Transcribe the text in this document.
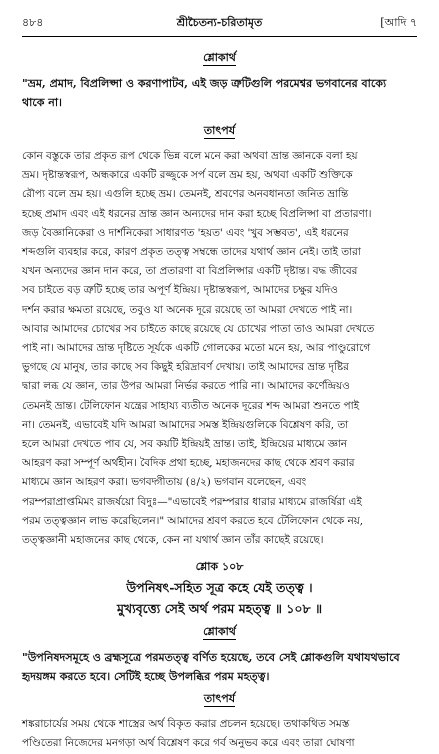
৪৮৪	শ্রীচৈতন্য-চরিতামৃত	[আদি ৭
শ্লোকার্থ
"ভ্রম, প্রমাদ, বিপ্রলিপ্সা ও করণাপাটব, এই জড় ত্রুটিগুলি পরমেশ্বর ভগবানের বাক্যে
থাকে না।
তাৎপর্য

কোন বস্তুকে তার প্রকৃত রূপ থেকে ভিন্ন বলে মনে করা অথবা ভ্রান্ত জ্ঞানকে বলা হয়

ভ্রম। দৃষ্টান্তস্বরূপ, অন্ধকারে একটি রজ্জুকে সর্প বলে ভ্রম হয়, অথবা একটি শুক্তিকে

রৌপ্য বলে ভ্রম হয়। এগুলি হচ্ছে ভ্রম। তেমনই, শ্রবণের অনবধানতা জনিত ভ্রান্তি

হচ্ছে প্রমাদ এবং এই ধরনের ভ্রান্ত জ্ঞান অন্যদের দান করা হচ্ছে বিপ্রলিপ্সা বা প্রতারণা।

জড় বৈজ্ঞানিকেরা ও দার্শনিকেরা সাধারণত 'হয়ত' এবং 'খুব সম্ভবত', এই ধরনের

শব্দগুলি ব্যবহার করে, কারণ প্রকৃত তত্ত্ব সম্বন্ধে তাদের যথার্থ জ্ঞান নেই। তাই তারা

যখন অন্যদের জ্ঞান দান করে, তা প্রতারণা বা বিপ্রলিপ্সার একটি দৃষ্টান্ত। বদ্ধ জীবের

সব চাইতে বড় ত্রুটি হচ্ছে তার অপূর্ণ ইন্দ্রিয়। দৃষ্টান্তস্বরূপ, আমাদের চক্ষুর যদিও

দর্শন করার ক্ষমতা রয়েছে, তবুও যা অনেক দূরে রয়েছে তা আমরা দেখতে পাই না।

আবার আমাদের চোখের সব চাইতে কাছে রয়েছে যে চোখের পাতা তাও আমরা দেখতে

পাই না। আমাদের ভ্রান্ত দৃষ্টিতে সূর্যকে একটি গোলকের মতো মনে হয়, আর পাণ্ডুরোগে

ভুগছে যে মানুষ, তার কাছে সব কিছুই হরিদ্রাবর্ণ দেখায়। তাই আমাদের ভ্রান্ত দৃষ্টির

দ্বারা লব্ধ যে জ্ঞান, তার উপর আমরা নির্ভর করতে পারি না। আমাদের কর্ণেন্দ্রিয়ও

তেমনই ভ্রান্ত। টেলিফোন যন্ত্রের সাহায্য ব্যতীত অনেক দূরের শব্দ আমরা শুনতে পাই

না। তেমনই, এভাবেই যদি আমরা আমাদের সমস্ত ইন্দ্রিয়গুলিকে বিশ্লেষণ করি, তা

হলে আমরা দেখতে পাব যে, সব কয়টি ইন্দ্রিয়ই ভ্রান্ত। তাই, ইন্দ্রিয়ের মাধ্যমে জ্ঞান

আহরণ করা সম্পূর্ণ অর্থহীন। বৈদিক প্রথা হচ্ছে, মহাজনদের কাছ থেকে শ্রবণ করার

মাধ্যমে জ্ঞান আহরণ করা। ভগবদ্গীতায় (৪/২) ভগবান বলেছেন, এবং

পরম্পরাপ্রাপ্তমিমং রাজর্ষয়ো বিদুঃ—"এভাবেই পরম্পরার ধারার মাধ্যমে রাজর্ষিরা এই

পরম তত্ত্বজ্ঞান লাভ করেছিলেন।" আমাদের শ্রবণ করতে হবে টেলিফোন থেকে নয়,

তত্ত্বজ্ঞানী মহাজনের কাছ থেকে, কেন না যথার্থ জ্ঞান তাঁর কাছেই রয়েছে।

শ্লোক ১০৮
উপনিষৎ-সহিত সূত্র কহে যেই তত্ত্ব ।
মুখ্যবৃত্ত্যে সেই অর্থ পরম মহত্ত্ব ॥ ১০৮ ॥
শ্লোকার্থ
"উপনিষদসমূহে ও ব্রহ্মসূত্রে পরমতত্ত্ব বর্ণিত হয়েছে, তবে সেই শ্লোকগুলি যথাযথভাবে
হৃদয়ঙ্গম করতে হবে। সেটিই হচ্ছে উপলব্ধির পরম মহত্ত্ব।
তাৎপর্য

শঙ্করাচার্যের সময় থেকে শাস্ত্রের অর্থ বিকৃত করার প্রচলন হয়েছে। তথাকথিত সমস্ত

পণ্ডিতেরা নিজেদের মনগড়া অর্থ বিশ্লেষণ করে গর্ব অনুভব করে এবং তারা ঘোষণা
